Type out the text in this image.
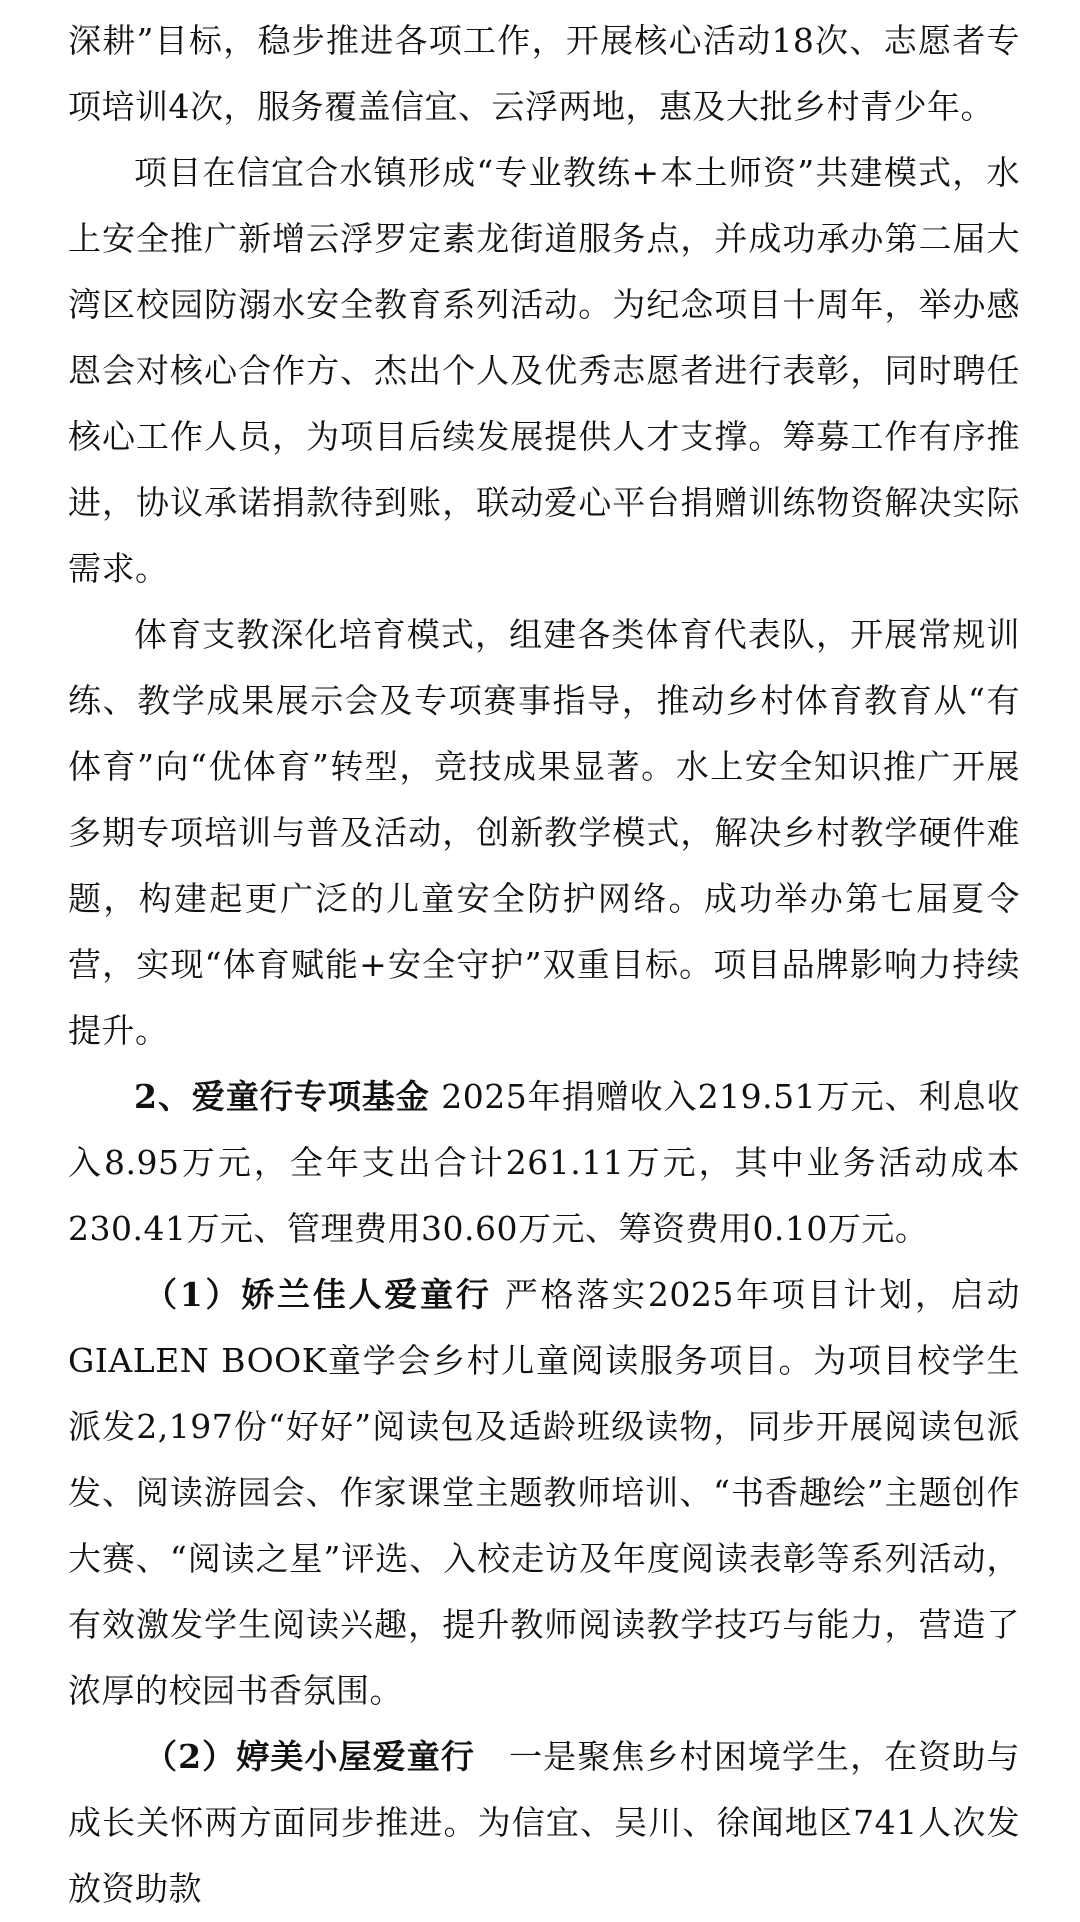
深耕”目标，稳步推进各项工作，开展核心活动18次、志愿者专项培训4次，服务覆盖信宜、云浮两地，惠及大批乡村青少年。

项目在信宜合水镇形成“专业教练+本土师资”共建模式，水上安全推广新增云浮罗定素龙街道服务点，并成功承办第二届大湾区校园防溺水安全教育系列活动。为纪念项目十周年，举办感恩会对核心合作方、杰出个人及优秀志愿者进行表彰，同时聘任核心工作人员，为项目后续发展提供人才支撑。筹募工作有序推进，协议承诺捐款待到账，联动爱心平台捐赠训练物资解决实际需求。

体育支教深化培育模式，组建各类体育代表队，开展常规训练、教学成果展示会及专项赛事指导，推动乡村体育教育从“有体育”向“优体育”转型，竞技成果显著。水上安全知识推广开展多期专项培训与普及活动，创新教学模式，解决乡村教学硬件难题，构建起更广泛的儿童安全防护网络。成功举办第七届夏令营，实现“体育赋能+安全守护”双重目标。项目品牌影响力持续提升。

2、爱童行专项基金 2025年捐赠收入219.51万元、利息收入8.95万元，全年支出合计261.11万元，其中业务活动成本230.41万元、管理费用30.60万元、筹资费用0.10万元。

（1）娇兰佳人爱童行 严格落实2025年项目计划，启动GIALEN BOOK童学会乡村儿童阅读服务项目。为项目校学生派发2,197份“好好”阅读包及适龄班级读物，同步开展阅读包派发、阅读游园会、作家课堂主题教师培训、“书香趣绘”主题创作大赛、“阅读之星”评选、入校走访及年度阅读表彰等系列活动，有效激发学生阅读兴趣，提升教师阅读教学技巧与能力，营造了浓厚的校园书香氛围。

（2）婷美小屋爱童行　一是聚焦乡村困境学生，在资助与成长关怀两方面同步推进。为信宜、吴川、徐闻地区741人次发放资助款
